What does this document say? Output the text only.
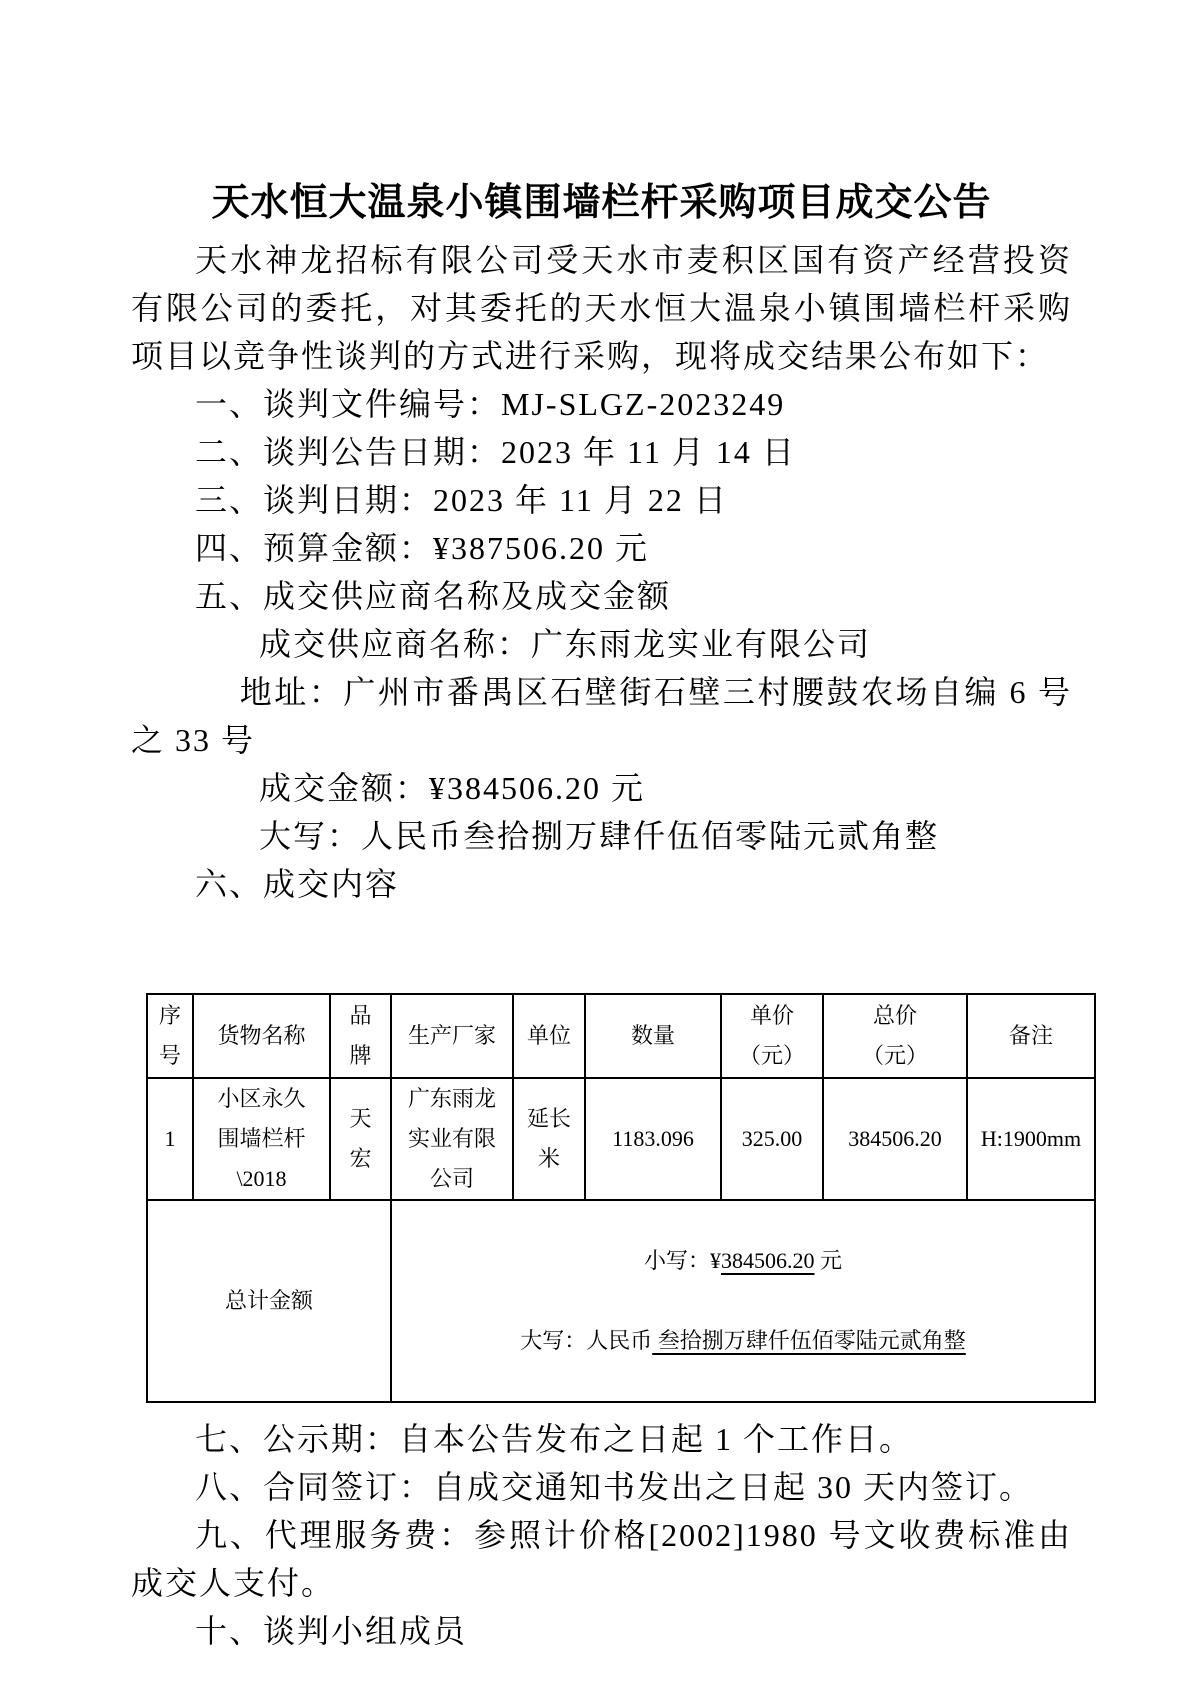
天水恒大温泉小镇围墙栏杆采购项目成交公告

天水神龙招标有限公司受天水市麦积区国有资产经营投资有限公司的委托，对其委托的天水恒大温泉小镇围墙栏杆采购项目以竞争性谈判的方式进行采购，现将成交结果公布如下：

一、谈判文件编号：MJ-SLGZ-2023249

二、谈判公告日期：2023 年 11 月 14 日

三、谈判日期：2023 年 11 月 22 日

四、预算金额：¥387506.20 元

五、成交供应商名称及成交金额

成交供应商名称：广东雨龙实业有限公司

地址：广州市番禺区石壁街石壁三村腰鼓农场自编 6 号之 33 号

成交金额：¥384506.20 元

大写：人民币叁拾捌万肆仟伍佰零陆元贰角整

六、成交内容

序
号	货物名称	品
牌	生产厂家	单位	数量	单价
（元）	总价
（元）	备注
1	小区永久
围墙栏杆
\2018	天
宏	广东雨龙
实业有限
公司	延长
米	1183.096	325.00	384506.20	H:1900mm
总计金额			小写：¥384506.20 元

大写：人民币 叁拾捌万肆仟伍佰零陆元贰角整					

七、公示期：自本公告发布之日起 1 个工作日。

八、合同签订：自成交通知书发出之日起 30 天内签订。

九、代理服务费：参照计价格[2002]1980 号文收费标准由成交人支付。

十、谈判小组成员
